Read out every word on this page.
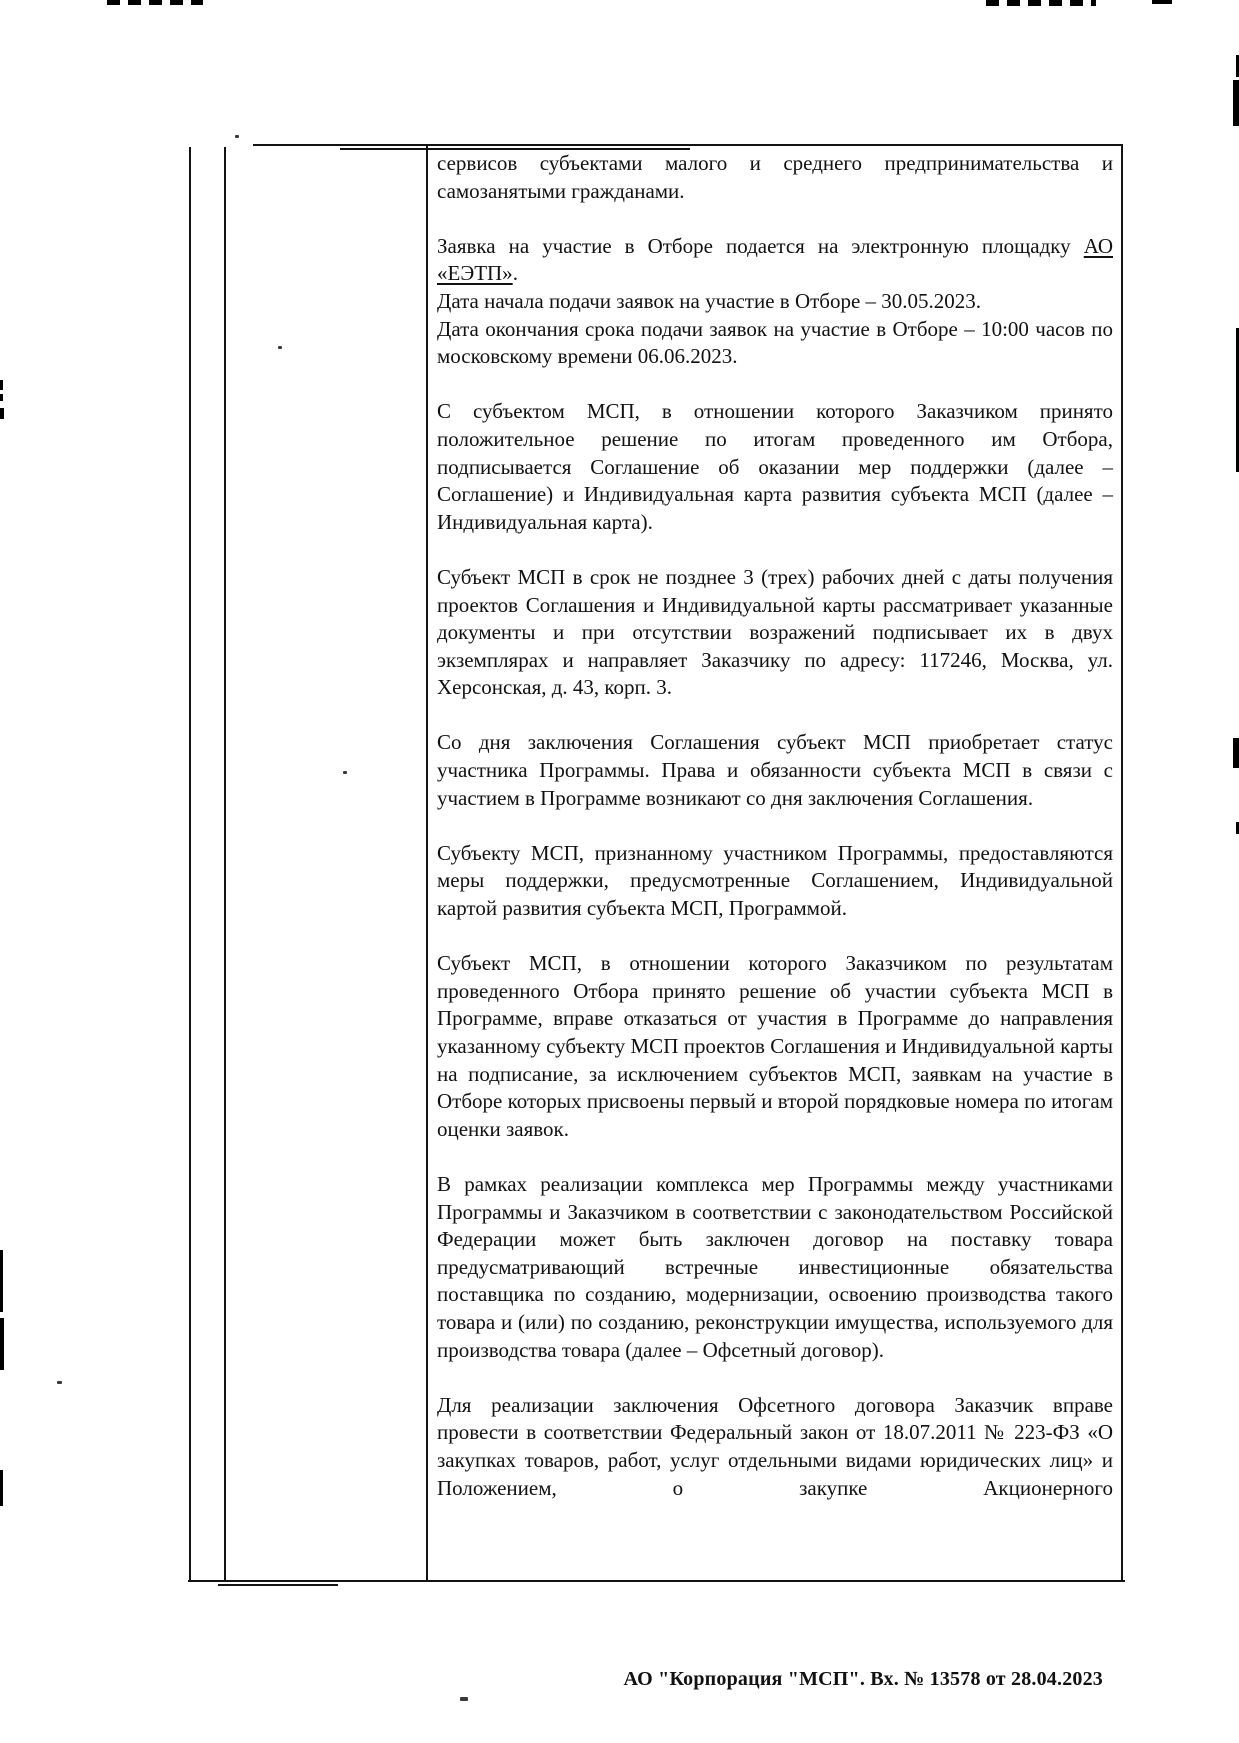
сервисов субъектами малого и среднего предпринимательства и самозанятыми гражданами.
Заявка на участие в Отборе подается на электронную площадку АО «ЕЭТП».
Дата начала подачи заявок на участие в Отборе – 30.05.2023.
Дата окончания срока подачи заявок на участие в Отборе – 10:00 часов по московскому времени 06.06.2023.
С субъектом МСП, в отношении которого Заказчиком принято положительное решение по итогам проведенного им Отбора, подписывается Соглашение об оказании мер поддержки (далее – Соглашение) и Индивидуальная карта развития субъекта МСП (далее – Индивидуальная карта).
Субъект МСП в срок не позднее 3 (трех) рабочих дней с даты получения проектов Соглашения и Индивидуальной карты рассматривает указанные документы и при отсутствии возражений подписывает их в двух экземплярах и направляет Заказчику по адресу: 117246, Москва, ул. Херсонская, д. 43, корп. 3.
Со дня заключения Соглашения субъект МСП приобретает статус участника Программы. Права и обязанности субъекта МСП в связи с участием в Программе возникают со дня заключения Соглашения.
Субъекту МСП, признанному участником Программы, предоставляются меры поддержки, предусмотренные Соглашением, Индивидуальной картой развития субъекта МСП, Программой.
Субъект МСП, в отношении которого Заказчиком по результатам проведенного Отбора принято решение об участии субъекта МСП в Программе, вправе отказаться от участия в Программе до направления указанному субъекту МСП проектов Соглашения и Индивидуальной карты на подписание, за исключением субъектов МСП, заявкам на участие в Отборе которых присвоены первый и второй порядковые номера по итогам оценки заявок.
В рамках реализации комплекса мер Программы между участниками Программы и Заказчиком в соответствии с законодательством Российской Федерации может быть заключен договор на поставку товара предусматривающий встречные инвестиционные обязательства поставщика по созданию, модернизации, освоению производства такого товара и (или) по созданию, реконструкции имущества, используемого для производства товара (далее – Офсетный договор).
Для реализации заключения Офсетного договора Заказчик вправе провести в соответствии Федеральный закон от 18.07.2011 № 223-ФЗ «О закупках товаров, работ, услуг отдельными видами юридических лиц» и Положением, о закупке Акционерного
АО "Корпорация "МСП". Вх. № 13578 от 28.04.2023
